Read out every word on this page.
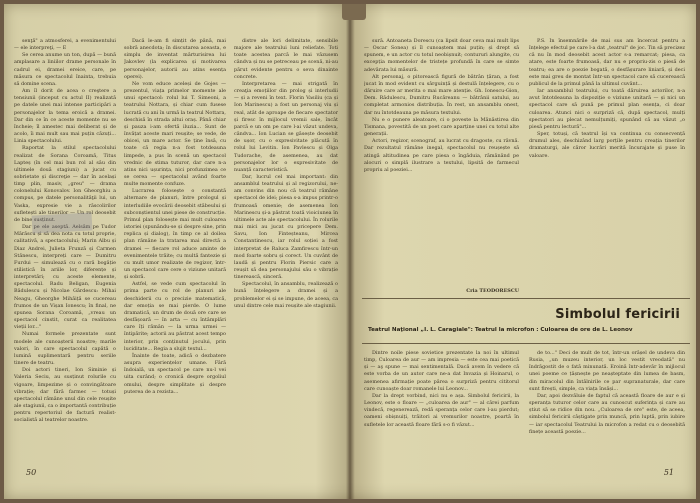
senţă" a atmosferei, a evenimentului — ele interpreţi, — E

Se cerea anume un ton, după — bună amplasare a liniilor drame personale în cadrul ei, dramei ereice, care, pe măsura ce spectacolul înainta, trebuia să domine scena.

Am îl dorit de acea o creştere a tensiunii (inceput cu actul II) realizată pe datele unei mai intense participări a personajelor la tema eroică a dramei. Dar din ce în ce aceste momente nu se încheie; îl amestec mai deliberat și de acolo, îi mai mult sau mai puțin căzuți... Linia spectacolului.

Raportat la stilul spectacolului realizat de Sorana Coroamă, Titus Lapteș (în cel mai bun rol al său din ultimele două stagiuni) a jucat cu sobrietate și discreţie — dar în același timp plin, masiv, „greu" — drama colonelului Konovalov. Ion Gheorghiu a compus, pe datele personalităţii lui, un Vaska, expresie vie a răscolirilor sufletești ale tinerilor — Un rol deosebit de bine susținut.

Dar pe ele aseptă. Aelsăm pe Tudor Mărăscu și să dea nota cu totul proprie, calitativă, a spectacolului; Marin Albu și Diaz Andrei, Julieta Frunză și Carmen Stănescu, interpreți care — Dumitru Furdui — simulează cu o rară bogăție stilistică în ariile lor, diferențe și interpretări; cu aceste elemente, spectacolul. Radu Beligan, Eugenia Bădulescu și Nicolae Gărdescu: Mihai Neagu, Gheorghe Mihăiță se cucereau frumos de un Vișan Ionescu; în final, ne spunea Sorana Coroamă, „vreau un spectacol cinstit, curat ca realitatea vieții lor..."

Numai formele prezentate sunt modele ale cunoașterii noastre; marile valori, în care spectacolul capătă o lumină suplimentară pentru seriile tinere de teatru.

Doi actori tineri, Ion Siminie și Valeria Seciu, au susținut rolurile cu vigoare, limpezime și o convingătoare vibrație; dar fără farmec — totuși spectacolul rămâne unul din cele reușite ale stagiunii, ca o importantă contribuție pentru repertoriul de factură realist-socialistă al teatrelor noastre.

Dacă le-am fi simțit de până, mai sobră anecdota; în discutarea aceasta, e simplu de inventat mărturisirea lui Jakovlev (la explicarea și motivarea personajelor, autorii au atins esența operei).

Ne vom educe aceleși de Gojes — prezentul, viața primelor momente ale unui spectacol: rolul lui T. Simeoni, a teatrului Nottara, și chiar cum fusese lucrată cu ani în urmă la teatrul Nottara, deschisă în strada altui oraș. Până chiar și pauza i-am ofertă iluzia... Sunt de învățat aceste mari reușite; se vede, de obicei, un mare actor. Se ține însă, cu toate că regia n-a fost totdeauna limpede, a pus în scenă un spectacol vrednic de stima tuturor, dar care n-a atins nici ușurința, nici profunzimea ce se cerea — spectacolul având foarte multe momente confuze.

Lucrarea folosește o constantă alternare de planuri, între prologul și interludiile evocării deosebit stăbeului și subconștientul unei piese de construcție. Primul plan folosește mai mult culoarea istoriei (spunându-se și despre sine, prin replica și dialog), în timp ce al doilea plan rămâne la tratarea mai directă a dramei — fiecare rol aduce aminte de evenimentele trăite; cu multă fantezie și cu mult umor realizate de regizor, într-un spectacol care cere o viziune unitară și sobră.

Astfel, se vede cum spectacolul în prima parte cu rol de planuri ale deschiderii cu o precizie matematică, dar emoția se mai pierde. O lume dramatică, un drum de două ore care se desfășoară — în arta — cu întâmplări care îți rămân — la urma urmei — întipărite; actorii au păstrat acest tempo interior, prin conținutul jocului, prin luciditate... Regia a slujit textul...

Înainte de toate, adică o dezbatere asupra experiențelor umane. Fără îndoială, un spectacol pe care nu-l vei uita curând; o cronică despre orgoliul omului, despre simplitate și despre puterea de a rezista...

distre ale lori delimitate, sensibile majore ale teatrului luni reliefate. Toti toate acestea parcă le mai văzusem cândva și nu se petreceau pe scenă, ni-au părut evidente pentru o seva dinainte concrete.

Interpretarea — mai strigată în creaţia emoțiilor din prolog și interludii — și a reveni în text. Florin Vasiliu (ca și Ion Marinescu) a fost un personaj viu și real, atât de aproape de fiecare spectator și firesc în mijlocul vremii sale, încât parcă e un om pe care l-ai văzut undeva, cândva... Ion Lucian se găsește deosebit de ușor, cu o expresivitate plăcută în rolul lui Levitin. Ion Pavlescu și Olga Tudorache, de asemenea, au dat personajelor lor o expresivitate de nuanță caracteristică.

Dar, lucrul cel mai important: din ansamblul teatrului și al regizorului, ne-am convins din nou că teatrul rămâne spectacol de idei; piesa s-a impus printr-o frumoasă omenie; de asemenea Ion Marinescu și-a păstrat toată vioiciunea în ultimele acte ale spectacolului. În rolurile mai mici au jucat cu pricepere Dem. Savu, Ion Finteșteanu, Mircea Constantinescu, iar rolul soției a fost interpretat de Raluca Zamfirescu într-un mod foarte sobru și corect. Un cuvânt de laudă și pentru Florin Piersic care a reușit să dea personajului său o vibrație tinerească, sinceră.

Spectacolul, în ansamblu, realizează o bună înțelegere a dramei și a problemelor ei și se impune, de aceea, ca unul dintre cele mai reușite ale stagiunii.

50

sură. Antoaneta Dorescu (ca lipsit doar ceva mai mult lips — Oscar Sonea) și îl cunoaștem mai puțin; și drept să spunem, e un actor cu totul neobișnuit; contururi alungite, cu excepția momentelor de tristețe profundă în care se simte adevărata lui măsură.

Alt personaj, o pitorească figură de bătrân țăran, a fost jucat în mod evident cu sârguință și destulă înțelegere, cu o dăruire care ar merita o mai mare atenție. Gh. Ionescu-Gion, Dem. Rădulescu, Dumitru Rucăreanu — bătrânii satului, au completat armonios distribuția. În rest, un ansamblu onest, dar nu întotdeauna pe măsura textului.

Nu e o punere aleatoare, ci o poveste la Mănăstirea din Tismana, povestită de un poet care aparține unei cu totul alte generații.

Actori, regizor, scenograf, au lucrat cu dragoste, cu râvnă. Dar rezultatul rămâne inegal, spectacolul nu reușește să atingă altitudinea pe care piesa o îngăduia, rămânând pe alocuri o simplă ilustrare a textului, lipsită de farmecul propriu al poeziei...

Cria TEODORESCU

P.S. In însemnările de mai sus am încercat pentru a înțelege efectul pe care l-a dat „teatrul" de joc. Tin să precizez că nu în mod deosebit acest actor s-a remarcat; piesa, ca atare, este foarte frumoasă, dar nu e propriu-zis o piesă de teatru; ea are o poezie bogată, o desfășurare liniară, și deci este mai greu de montat într-un spectacol care să cucerească publicul de la primul până la ultimul cuvânt...

Iar ansamblul teatrului, cu toată dăruirea actorilor, n-a avut întotdeauna la dispoziție o viziune unitară — și nici un spectacol care să pună pe primul plan esența, ci doar culoarea. Atunci nici o surpriză că, după spectacol, mulți spectatori au plecat nemulțumiți, spunând că au văzut „o piesă pentru lectură"...

Sper, totuși, că teatrul își va continua cu consecvență drumul ales, deschizând larg porțile pentru creația tinerilor dramaturgi, ale căror lucrări merită încurajate și puse în valoare.

Simbolul fericirii
Teatrul Naţional „I. L. Caragiale": Teatrul la microfon : Culoarea de ore de L. Leonov

Dintre noile piese sovietice prezentate la noi în ultimul timp, Culoarea de aur — am impresia — este cea mai poetică și — aş spune — mai sentimentală. Dacă avem în vedere că este vorba de un autor care ne-a dat Invazia și Hoinarul, o asemenea afirmație poate părea o surpriză pentru cititorul care cunoaște doar romanele lui Leonov...

Dar la drept vorbind, nici nu e așa. Simbolul fericirii, la Leonov, este o floare — „culoarea de aur" — al cărei parfum vindecă, regenerează, redă speranța celor care l-au pierdut; oameni obișnuiți, trăitori ai vremurilor noastre, poartă în sufletele lor această floare fără s-o fi văzut...

de to..." Deci de mult de tot, într-un orășel de undeva din Rusia, „un muzeu interior, un loc vestit vreodată" nu îndrăgostit de o fată minunată. Eroină într-adevăr în mijlocul unei poeme ce țâșnește pe neașteptate din lumea de basm, din miracolul din întâlnirile ce par supranaturale, dar care sunt firești, simple, ca viața însăși...

Dar, apoi dezvăluie de faptul că această floare de aur e și speranța tuturor celor care au cunoscut suferința și care au știut să se ridice din nou. „Culoarea de ore" este, de aceea, simbolul fericirii câștigate prin muncă, prin luptă, prin iubire — iar spectacolul Teatrului la microfon a redat cu o deosebită finețe această poezie...

51
